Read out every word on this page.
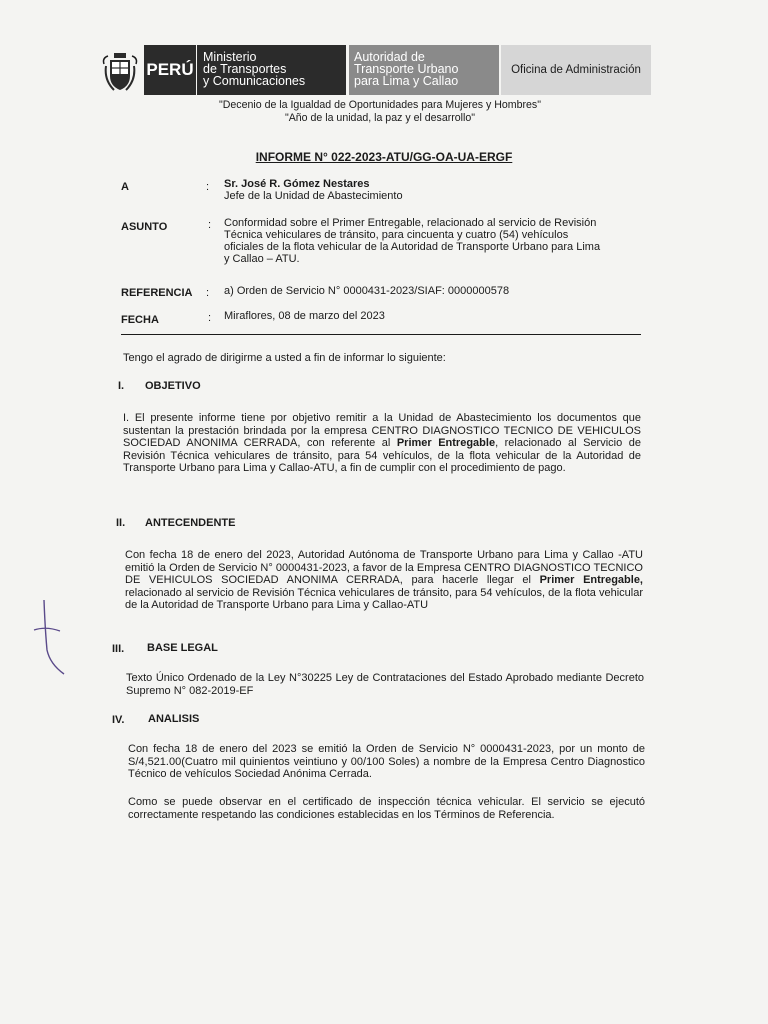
PERÚ
Ministerio
de Transportes
y Comunicaciones
Autoridad de
Transporte Urbano
para Lima y Callao
Oficina de Administración
"Decenio de la Igualdad de Oportunidades para Mujeres y Hombres"
"Año de la unidad, la paz y el desarrollo"
INFORME N° 022-2023-ATU/GG-OA-UA-ERGF
A	: Sr. José R. Gómez Nestares
Jefe de la Unidad de Abastecimiento
ASUNTO	: Conformidad sobre el Primer Entregable, relacionado al servicio de Revisión
Técnica vehiculares de tránsito, para cincuenta y cuatro (54) vehículos
oficiales de la flota vehicular de la Autoridad de Transporte Urbano para Lima
y Callao – ATU.
REFERENCIA : a) Orden de Servicio N° 0000431-2023/SIAF: 0000000578
FECHA	: Miraflores, 08 de marzo del 2023

Tengo el agrado de dirigirme a usted a fin de informar lo siguiente:

I. OBJETIVO

I. El presente informe tiene por objetivo remitir a la Unidad de Abastecimiento los documentos que sustentan la prestación brindada por la empresa CENTRO DIAGNOSTICO TECNICO DE VEHICULOS SOCIEDAD ANONIMA CERRADA, con referente al Primer Entregable, relacionado al Servicio de Revisión Técnica vehiculares de tránsito, para 54 vehículos, de la flota vehicular de la Autoridad de Transporte Urbano para Lima y Callao-ATU, a fin de cumplir con el procedimiento de pago.

II. ANTECENDENTE

Con fecha 18 de enero del 2023, Autoridad Autónoma de Transporte Urbano para Lima y Callao -ATU emitió la Orden de Servicio N° 0000431-2023, a favor de la Empresa CENTRO DIAGNOSTICO TECNICO DE VEHICULOS SOCIEDAD ANONIMA CERRADA, para hacerle llegar el Primer Entregable, relacionado al servicio de Revisión Técnica vehiculares de tránsito, para 54 vehículos, de la flota vehicular de la Autoridad de Transporte Urbano para Lima y Callao-ATU

III. BASE LEGAL

Texto Único Ordenado de la Ley N°30225 Ley de Contrataciones del Estado Aprobado mediante Decreto Supremo N° 082-2019-EF

IV. ANALISIS

Con fecha 18 de enero del 2023 se emitió la Orden de Servicio N° 0000431-2023, por un monto de S/4,521.00(Cuatro mil quinientos veintiuno y 00/100 Soles) a nombre de la Empresa Centro Diagnostico Técnico de vehículos Sociedad Anónima Cerrada.

Como se puede observar en el certificado de inspección técnica vehicular. El servicio se ejecutó correctamente respetando las condiciones establecidas en los Términos de Referencia.
